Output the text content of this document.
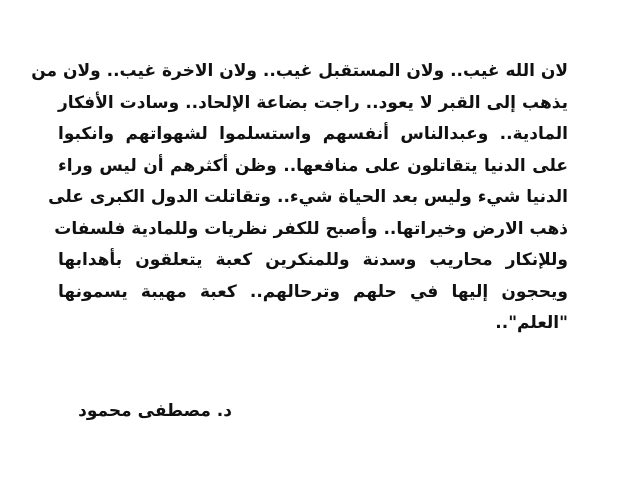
لان الله غيب.. ولان المستقبل غيب.. ولان الاخرة غيب.. ولان من
يذهب إلى القبر لا يعود.. راجت بضاعة الإلحاد.. وسادت الأفكار
المادية.. وعبدالناس أنفسهم واستسلموا لشهواتهم وانكبوا
على الدنيا يتقاتلون على منافعها.. وظن أكثرهم أن ليس وراء
الدنيا شيء وليس بعد الحياة شيء.. وتقاتلت الدول الكبرى على
ذهب الارض وخيراتها.. وأصبح للكفر نظريات وللمادية فلسفات
وللإنكار محاريب وسدنة وللمنكرين كعبة يتعلقون بأهدابها
ويحجون إليها في حلهم وترحالهم.. كعبة مهيبة يسمونها
"العلم"..
د. مصطفى محمود
